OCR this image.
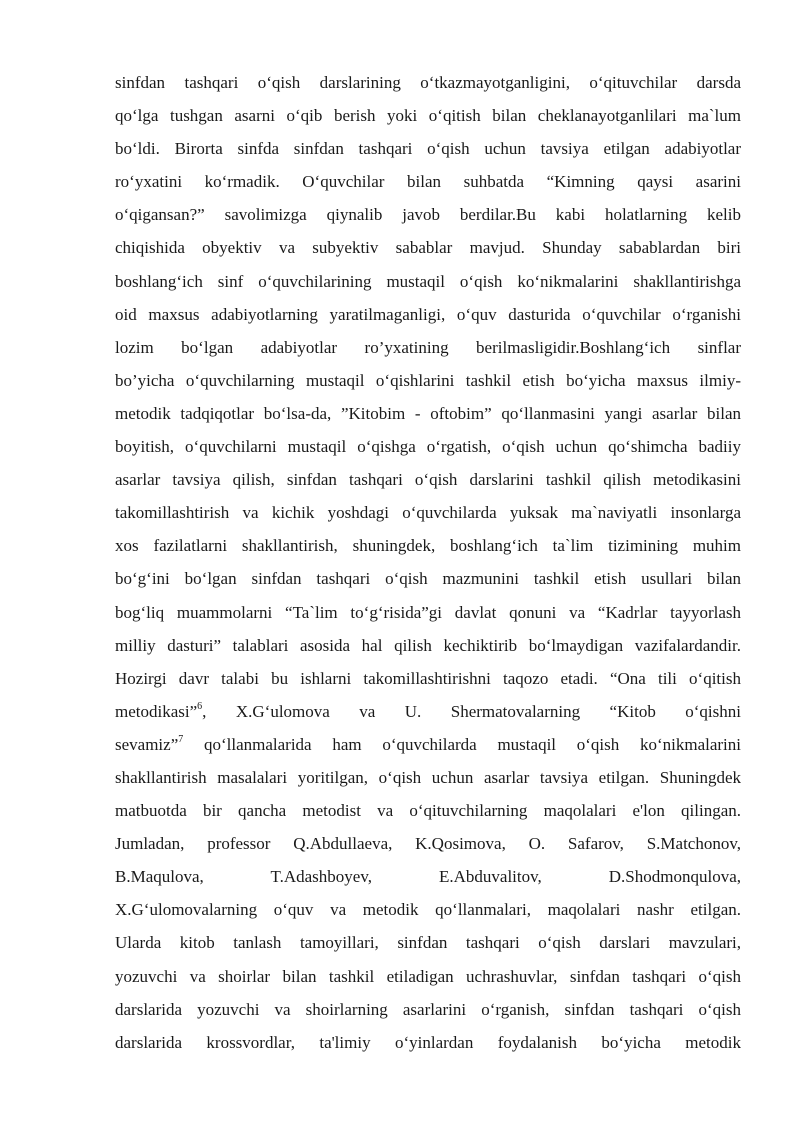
sinfdan tashqari o‘qish darslarining o‘tkazmayotganligini, o‘qituvchilar darsda
qo‘lga tushgan asarni o‘qib berish yoki o‘qitish bilan cheklanayotganlilari ma`lum
bo‘ldi. Birorta sinfda sinfdan tashqari o‘qish uchun tavsiya etilgan adabiyotlar
ro‘yxatini ko‘rmadik. O‘quvchilar bilan suhbatda “Kimning qaysi asarini
o‘qigansan?” savolimizga qiynalib javob berdilar.Bu kabi holatlarning kelib
chiqishida obyektiv va subyektiv sabablar mavjud. Shunday sabablardan biri
boshlang‘ich sinf o‘quvchilarining mustaqil o‘qish ko‘nikmalarini shakllantirishga
oid maxsus adabiyotlarning yaratilmaganligi, o‘quv dasturida o‘quvchilar o‘rganishi
lozim bo‘lgan adabiyotlar ro’yxatining berilmasligidir.Boshlang‘ich sinflar
bo’yicha o‘quvchilarning mustaqil o‘qishlarini tashkil etish bo‘yicha maxsus ilmiy-
metodik tadqiqotlar bo‘lsa-da, ”Kitobim - oftobim” qo‘llanmasini yangi asarlar bilan
boyitish, o‘quvchilarni mustaqil o‘qishga o‘rgatish, o‘qish uchun qo‘shimcha badiiy
asarlar tavsiya qilish, sinfdan tashqari o‘qish darslarini tashkil qilish metodikasini
takomillashtirish va kichik yoshdagi o‘quvchilarda yuksak ma`naviyatli insonlarga
xos fazilatlarni shakllantirish, shuningdek, boshlang‘ich ta`lim tizimining muhim
bo‘g‘ini bo‘lgan sinfdan tashqari o‘qish mazmunini tashkil etish usullari bilan
bog‘liq muammolarni “Ta`lim to‘g‘risida”gi davlat qonuni va “Kadrlar tayyorlash
milliy dasturi” talablari asosida hal qilish kechiktirib bo‘lmaydigan vazifalardandir.
Hozirgi davr talabi bu ishlarni takomillashtirishni taqozo etadi. “Ona tili o‘qitish
metodikasi”$^6$, X.G‘ulomova va U. Shermatovalarning “Kitob o‘qishni
sevamiz”$^7$ qo‘llanmalarida ham o‘quvchilarda mustaqil o‘qish ko‘nikmalarini
shakllantirish masalalari yoritilgan, o‘qish uchun asarlar tavsiya etilgan. Shuningdek
matbuotda bir qancha metodist va o‘qituvchilarning maqolalari e'lon qilingan.
Jumladan, professor Q.Abdullaeva, K.Qosimova, O. Safarov, S.Matchonov,
B.Maqulova, T.Adashboyev, E.Abduvalitov, D.Shodmonqulova,
X.G‘ulomovalarning o‘quv va metodik qo‘llanmalari, maqolalari nashr etilgan.
Ularda kitob tanlash tamoyillari, sinfdan tashqari o‘qish darslari mavzulari,
yozuvchi va shoirlar bilan tashkil etiladigan uchrashuvlar, sinfdan tashqari o‘qish
darslarida yozuvchi va shoirlarning asarlarini o‘rganish, sinfdan tashqari o‘qish
darslarida krossvordlar, ta'limiy o‘yinlardan foydalanish bo‘yicha metodik
